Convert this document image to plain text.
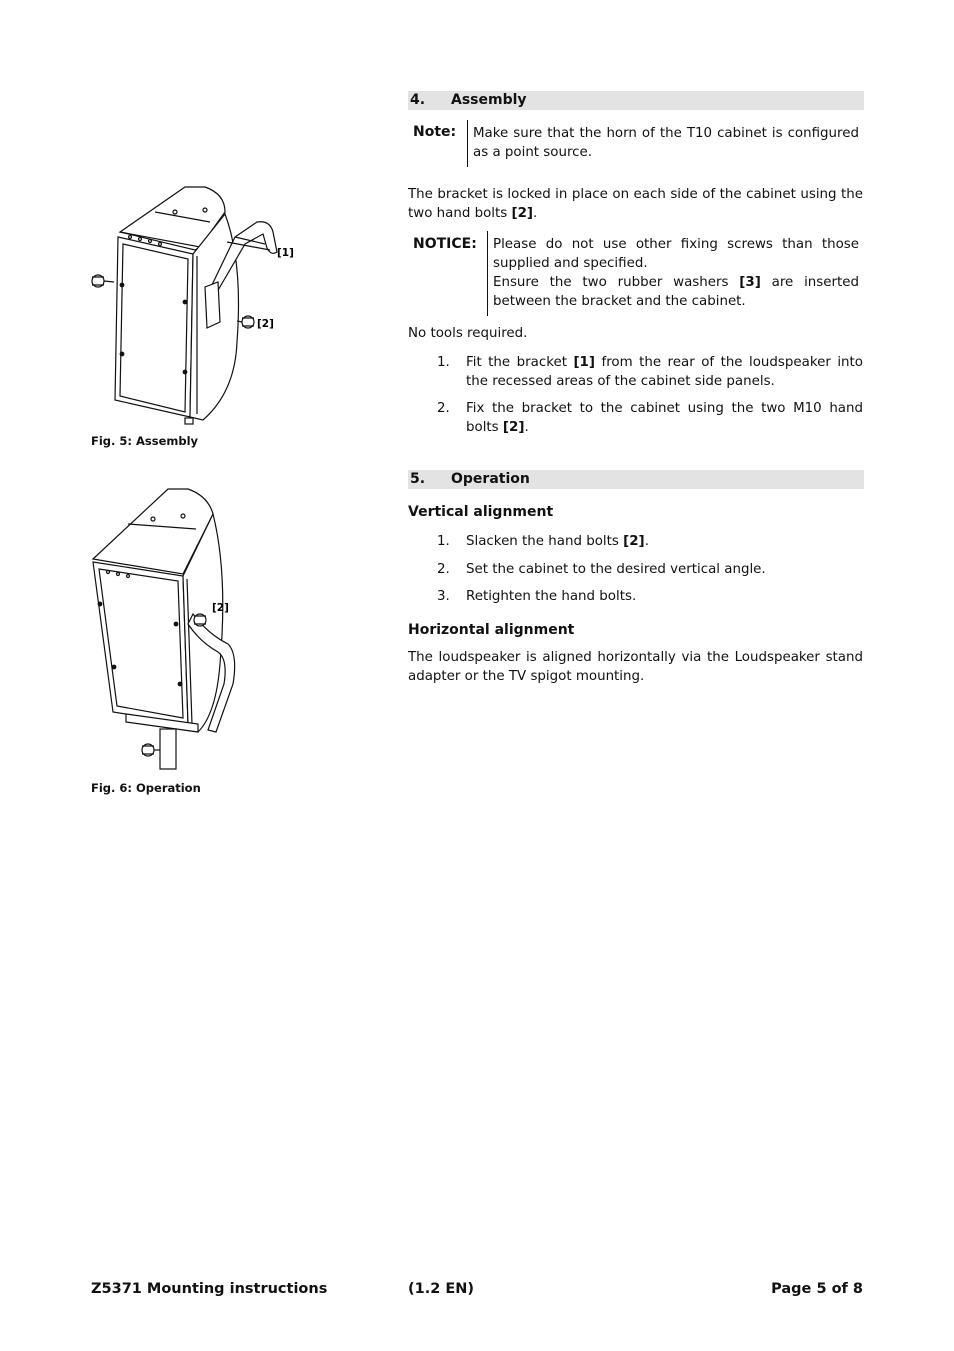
[1]
[2]
Fig. 5: Assembly
[2]
Fig. 6: Operation
4. Assembly
Note: Make sure that the horn of the T10 cabinet is configured as a point source.
The bracket is locked in place on each side of the cabinet using the two hand bolts [2].
NOTICE: Please do not use other fixing screws than those supplied and specified.
Ensure the two rubber washers [3] are inserted between the bracket and the cabinet.
No tools required.
1. Fit the bracket [1] from the rear of the loudspeaker into the recessed areas of the cabinet side panels.
2. Fix the bracket to the cabinet using the two M10 hand bolts [2].
5. Operation
Vertical alignment
1. Slacken the hand bolts [2].
2. Set the cabinet to the desired vertical angle.
3. Retighten the hand bolts.
Horizontal alignment
The loudspeaker is aligned horizontally via the Loudspeaker stand adapter or the TV spigot mounting.
Z5371 Mounting instructions	(1.2 EN)	Page 5 of 8
